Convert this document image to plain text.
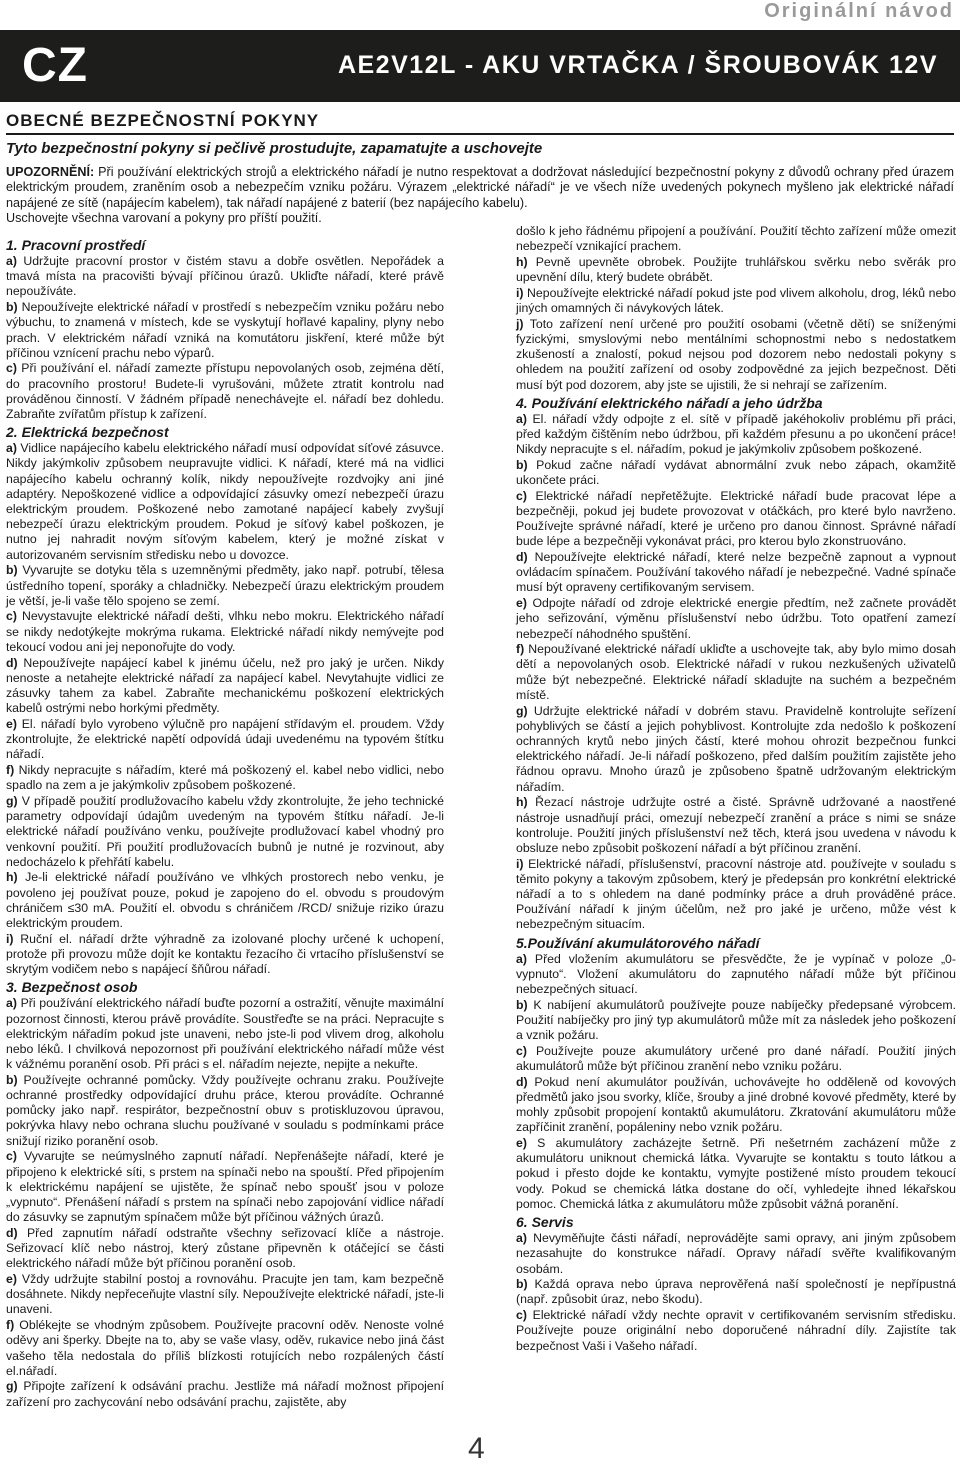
Originální návod
CZ	AE2V12L - AKU VRTAČKA / ŠROUBOVÁK 12V
OBECNÉ BEZPEČNOSTNÍ POKYNY
Tyto bezpečnostní pokyny si pečlivě prostudujte, zapamatujte a uschovejte

UPOZORNĚNÍ: Při používání elektrických strojů a elektrického nářadí je nutno respektovat a dodržovat následující bezpečnostní pokyny z důvodů ochrany před úrazem elektrickým proudem, zraněním osob a nebezpečím vzniku požáru. Výrazem „elektrické nářadí“ je ve všech níže uvedených pokynech myšleno jak elektrické nářadí napájené ze sítě (napájecím kabelem), tak nářadí napájené z baterií (bez napájecího kabelu).

Uschovejte všechna varovaní a pokyny pro příští použití.

1. Pracovní prostředí

a) Udržujte pracovní prostor v čistém stavu a dobře osvětlen. Nepořádek a tmavá místa na pracovišti bývají příčinou úrazů. Ukliďte nářadí, které právě nepoužíváte.

b) Nepoužívejte elektrické nářadí v prostředí s nebezpečím vzniku požáru nebo výbuchu, to znamená v místech, kde se vyskytují hořlavé kapaliny, plyny nebo prach. V elektrickém nářadí vzniká na komutátoru jiskření, které může být příčinou vznícení prachu nebo výparů.

c) Při používání el. nářadí zamezte přístupu nepovolaných osob, zejména dětí, do pracovního prostoru! Budete-li vyrušováni, můžete ztratit kontrolu nad prováděnou činností. V žádném případě nenechávejte el. nářadí bez dohledu. Zabraňte zvířatům přístup k zařízení.

2. Elektrická bezpečnost

a) Vidlice napájecího kabelu elektrického nářadí musí odpovídat síťové zásuvce. Nikdy jakýmkoliv způsobem neupravujte vidlici. K nářadí, které má na vidlici napájecího kabelu ochranný kolík, nikdy nepoužívejte rozdvojky ani jiné adaptéry. Nepoškozené vidlice a odpovídající zásuvky omezí nebezpečí úrazu elektrickým proudem. Poškozené nebo zamotané napájecí kabely zvyšují nebezpečí úrazu elektrickým proudem. Pokud je síťový kabel poškozen, je nutno jej nahradit novým síťovým kabelem, který je možné získat v autorizovaném servisním středisku nebo u dovozce.

b) Vyvarujte se dotyku těla s uzemněnými předměty, jako např. potrubí, tělesa ústředního topení, sporáky a chladničky. Nebezpečí úrazu elektrickým proudem je větší, je-li vaše tělo spojeno se zemí.

c) Nevystavujte elektrické nářadí dešti, vlhku nebo mokru. Elektrického nářadí se nikdy nedotýkejte mokrýma rukama. Elektrické nářadí nikdy nemývejte pod tekoucí vodou ani jej neponořujte do vody.

d) Nepoužívejte napájecí kabel k jinému účelu, než pro jaký je určen. Nikdy nenoste a netahejte elektrické nářadí za napájecí kabel. Nevytahujte vidlici ze zásuvky tahem za kabel. Zabraňte mechanickému poškození elektrických kabelů ostrými nebo horkými předměty.

e) El. nářadí bylo vyrobeno výlučně pro napájení střídavým el. proudem. Vždy zkontrolujte, že elektrické napětí odpovídá údaji uvedenému na typovém štítku nářadí.

f) Nikdy nepracujte s nářadím, které má poškozený el. kabel nebo vidlici, nebo spadlo na zem a je jakýmkoliv způsobem poškozené.

g) V případě použití prodlužovacího kabelu vždy zkontrolujte, že jeho technické parametry odpovídají údajům uvedeným na typovém štítku nářadí. Je-li elektrické nářadí používáno venku, používejte prodlužovací kabel vhodný pro venkovní použití. Při použití prodlužovacích bubnů je nutné je rozvinout, aby nedocházelo k přehřátí kabelu.

h) Je-li elektrické nářadí používáno ve vlhkých prostorech nebo venku, je povoleno jej používat pouze, pokud je zapojeno do el. obvodu s proudovým chráničem ≤30 mA. Použití el. obvodu s chráničem /RCD/ snižuje riziko úrazu elektrickým proudem.

i) Ruční el. nářadí držte výhradně za izolované plochy určené k uchopení, protože při provozu může dojít ke kontaktu řezacího či vrtacího příslušenství se skrytým vodičem nebo s napájecí šňůrou nářadí.

3. Bezpečnost osob

a) Při používání elektrického nářadí buďte pozorní a ostražití, věnujte maximální pozornost činnosti, kterou právě provádíte. Soustřeďte se na práci. Nepracujte s elektrickým nářadím pokud jste unaveni, nebo jste-li pod vlivem drog, alkoholu nebo léků. I chvilková nepozornost při používání elektrického nářadí může vést k vážnému poranění osob. Při práci s el. nářadím nejezte, nepijte a nekuřte.

b) Používejte ochranné pomůcky. Vždy používejte ochranu zraku. Používejte ochranné prostředky odpovídající druhu práce, kterou provádíte. Ochranné pomůcky jako např. respirátor, bezpečnostní obuv s protiskluzovou úpravou, pokrývka hlavy nebo ochrana sluchu používané v souladu s podmínkami práce snižují riziko poranění osob.

c) Vyvarujte se neúmyslného zapnutí nářadí. Nepřenášejte nářadí, které je připojeno k elektrické síti, s prstem na spínači nebo na spouští. Před připojením k elektrickému napájení se ujistěte, že spínač nebo spoušť jsou v poloze „vypnuto“. Přenášení nářadí s prstem na spínači nebo zapojování vidlice nářadí do zásuvky se zapnutým spínačem může být příčinou vážných úrazů.

d) Před zapnutím nářadí odstraňte všechny seřizovací klíče a nástroje. Seřizovací klíč nebo nástroj, který zůstane připevněn k otáčející se části elektrického nářadí může být příčinou poranění osob.

e) Vždy udržujte stabilní postoj a rovnováhu. Pracujte jen tam, kam bezpečně dosáhnete. Nikdy nepřeceňujte vlastní síly. Nepoužívejte elektrické nářadí, jste-li unaveni.

f) Oblékejte se vhodným způsobem. Používejte pracovní oděv. Nenoste volné oděvy ani šperky. Dbejte na to, aby se vaše vlasy, oděv, rukavice nebo jiná část vašeho těla nedostala do příliš blízkosti rotujících nebo rozpálených částí el.nářadí.

g) Připojte zařízení k odsávání prachu. Jestliže má nářadí možnost připojení zařízení pro zachycování nebo odsávání prachu, zajistěte, aby

došlo k jeho řádnému připojení a používání. Použití těchto zařízení může omezit nebezpečí vznikající prachem.

h) Pevně upevněte obrobek. Použijte truhlářskou svěrku nebo svěrák pro upevnění dílu, který budete obrábět.

i) Nepoužívejte elektrické nářadí pokud jste pod vlivem alkoholu, drog, léků nebo jiných omamných či návykových látek.

j) Toto zařízení není určené pro použití osobami (včetně dětí) se sníženými fyzickými, smyslovými nebo mentálními schopnostmi nebo s nedostatkem zkušeností a znalostí, pokud nejsou pod dozorem nebo nedostali pokyny s ohledem na použití zařízení od osoby zodpovědné za jejich bezpečnost. Děti musí být pod dozorem, aby jste se ujistili, že si nehrají se zařízením.

4. Používání elektrického nářadí a jeho údržba

a) El. nářadí vždy odpojte z el. sítě v případě jakéhokoliv problému při práci, před každým čištěním nebo údržbou, při každém přesunu a po ukončení práce! Nikdy nepracujte s el. nářadím, pokud je jakýmkoliv způsobem poškozené.

b) Pokud začne nářadí vydávat abnormální zvuk nebo zápach, okamžitě ukončete práci.

c) Elektrické nářadí nepřetěžujte. Elektrické nářadí bude pracovat lépe a bezpečněji, pokud jej budete provozovat v otáčkách, pro které bylo navrženo. Používejte správné nářadí, které je určeno pro danou činnost. Správné nářadí bude lépe a bezpečněji vykonávat práci, pro kterou bylo zkonstruováno.

d) Nepoužívejte elektrické nářadí, které nelze bezpečně zapnout a vypnout ovládacím spínačem. Používání takového nářadí je nebezpečné. Vadné spínače musí být opraveny certifikovaným servisem.

e) Odpojte nářadí od zdroje elektrické energie předtím, než začnete provádět jeho seřizování, výměnu příslušenství nebo údržbu. Toto opatření zamezí nebezpečí náhodného spuštění.

f) Nepoužívané elektrické nářadí ukliďte a uschovejte tak, aby bylo mimo dosah dětí a nepovolaných osob. Elektrické nářadí v rukou nezkušených uživatelů může být nebezpečné. Elektrické nářadí skladujte na suchém a bezpečném místě.

g) Udržujte elektrické nářadí v dobrém stavu. Pravidelně kontrolujte seřízení pohyblivých se částí a jejich pohyblivost. Kontrolujte zda nedošlo k poškození ochranných krytů nebo jiných částí, které mohou ohrozit bezpečnou funkci elektrického nářadí. Je-li nářadí poškozeno, před dalším použitím zajistěte jeho řádnou opravu. Mnoho úrazů je způsobeno špatně udržovaným elektrickým nářadím.

h) Řezací nástroje udržujte ostré a čisté. Správně udržované a naostřené nástroje usnadňují práci, omezují nebezpečí zranění a práce s nimi se snáze kontroluje. Použití jiných příslušenství než těch, která jsou uvedena v návodu k obsluze nebo způsobit poškození nářadí a být příčinou zranění.

i) Elektrické nářadí, příslušenství, pracovní nástroje atd. používejte v souladu s těmito pokyny a takovým způsobem, který je předepsán pro konkrétní elektrické nářadí a to s ohledem na dané podmínky práce a druh prováděné práce. Používání nářadí k jiným účelům, než pro jaké je určeno, může vést k nebezpečným situacím.

5.Používání akumulátorového nářadí

a) Před vložením akumulátoru se přesvědčte, že je vypínač v poloze „0-vypnuto“. Vložení akumulátoru do zapnutého nářadí může být příčinou nebezpečných situací.

b) K nabíjení akumulátorů používejte pouze nabíječky předepsané výrobcem. Použití nabíječky pro jiný typ akumulátorů může mít za následek jeho poškození a vznik požáru.

c) Používejte pouze akumulátory určené pro dané nářadí. Použití jiných akumulátorů může být příčinou zranění nebo vzniku požáru.

d) Pokud není akumulátor používán, uchovávejte ho odděleně od kovových předmětů jako jsou svorky, klíče, šrouby a jiné drobné kovové předměty, které by mohly způsobit propojení kontaktů akumulátoru. Zkratování akumulátoru může zapříčinit zranění, popáleniny nebo vznik požáru.

e) S akumulátory zacházejte šetrně. Při nešetrném zacházení může z akumulátoru uniknout chemická látka. Vyvarujte se kontaktu s touto látkou a pokud i přesto dojde ke kontaktu, vymyjte postižené místo proudem tekoucí vody. Pokud se chemická látka dostane do očí, vyhledejte ihned lékařskou pomoc. Chemická látka z akumulátoru může způsobit vážná poranění.

6. Servis

a) Nevyměňujte části nářadí, neprovádějte sami opravy, ani jiným způsobem nezasahujte do konstrukce nářadí. Opravy nářadí svěřte kvalifikovaným osobám.

b) Každá oprava nebo úprava neprověřená naší společností je nepřípustná (např. způsobit úraz, nebo škodu).

c) Elektrické nářadí vždy nechte opravit v certifikovaném servisním středisku. Používejte pouze originální nebo doporučené náhradní díly. Zajistíte tak bezpečnost Vaši i Vašeho nářadí.

4
